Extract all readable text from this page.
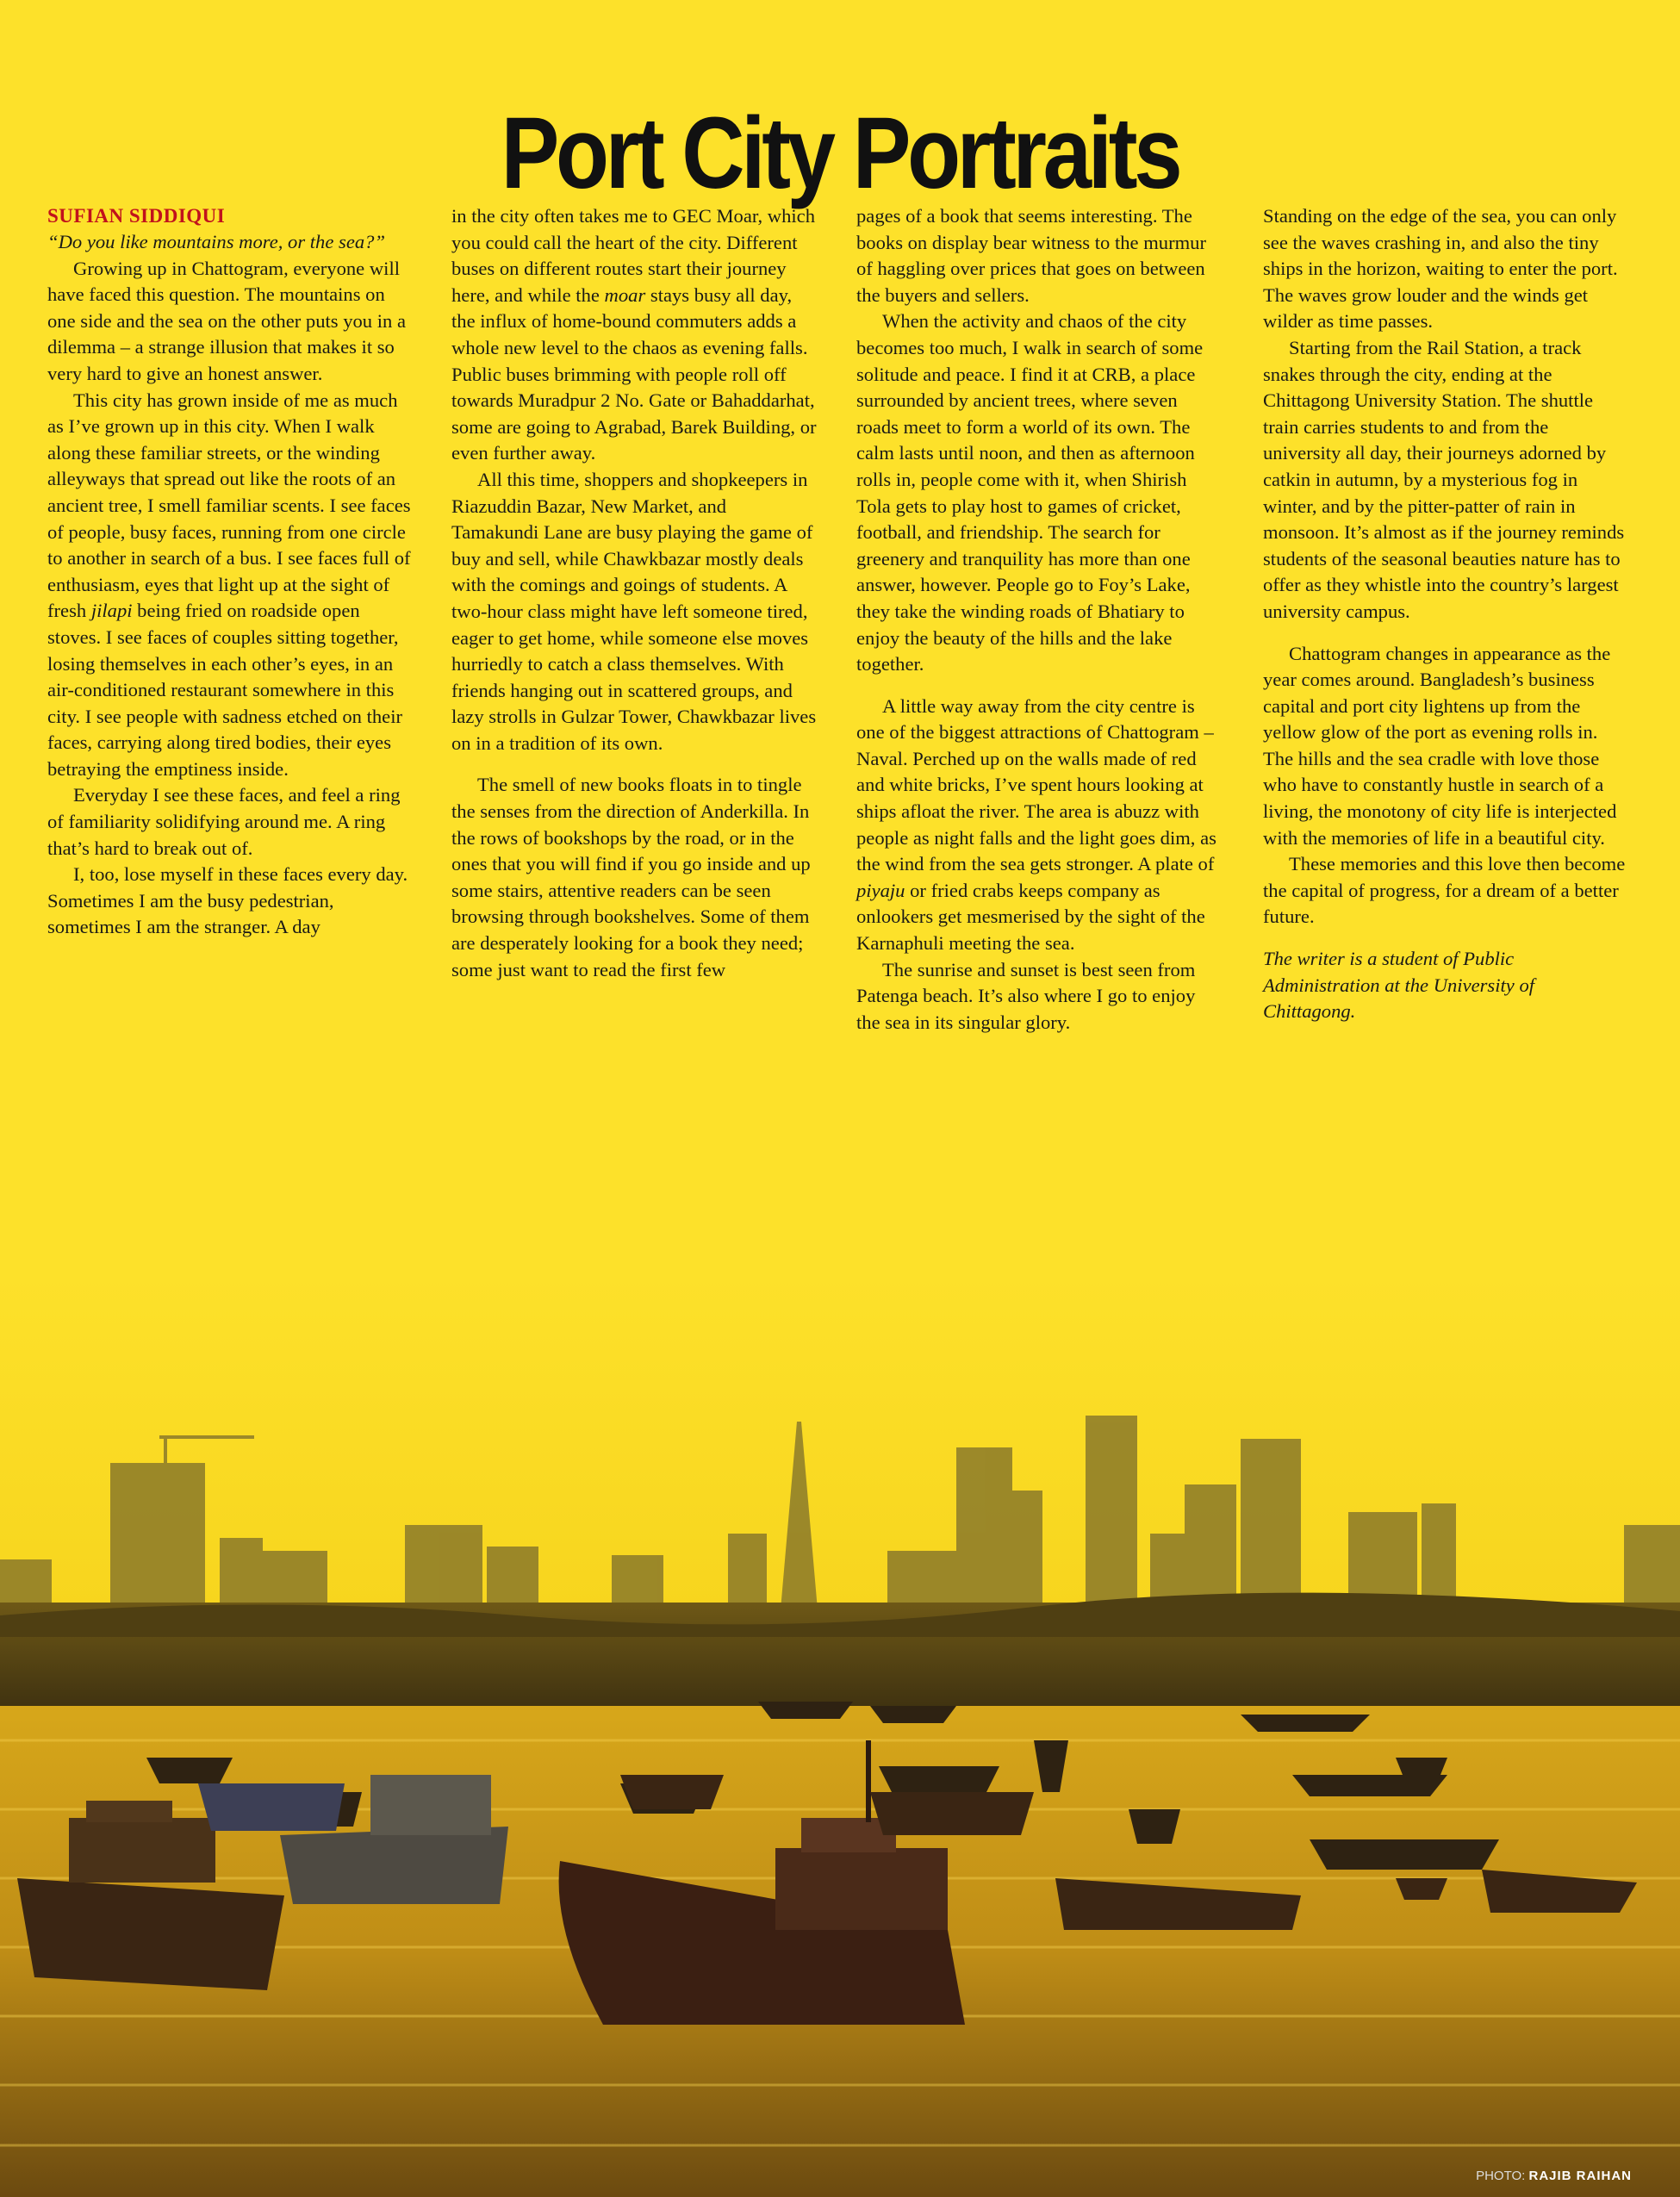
Port City Portraits

SUFIAN SIDDIQUI

“Do you like mountains more, or the sea?”

Growing up in Chattogram, everyone will have faced this question. The mountains on one side and the sea on the other puts you in a dilemma – a strange illusion that makes it so very hard to give an honest answer.

This city has grown inside of me as much as I’ve grown up in this city. When I walk along these familiar streets, or the winding alleyways that spread out like the roots of an ancient tree, I smell familiar scents. I see faces of people, busy faces, running from one circle to another in search of a bus. I see faces full of enthusiasm, eyes that light up at the sight of fresh jilapi being fried on roadside open stoves. I see faces of couples sitting together, losing themselves in each other’s eyes, in an air-conditioned restaurant somewhere in this city. I see people with sadness etched on their faces, carrying along tired bodies, their eyes betraying the emptiness inside.

Everyday I see these faces, and feel a ring of familiarity solidifying around me. A ring that’s hard to break out of.

I, too, lose myself in these faces every day. Sometimes I am the busy pedestrian, sometimes I am the stranger. A day

in the city often takes me to GEC Moar, which you could call the heart of the city. Different buses on different routes start their journey here, and while the moar stays busy all day, the influx of home-bound commuters adds a whole new level to the chaos as evening falls. Public buses brimming with people roll off towards Muradpur 2 No. Gate or Bahaddarhat, some are going to Agrabad, Barek Building, or even further away.

All this time, shoppers and shopkeepers in Riazuddin Bazar, New Market, and Tamakundi Lane are busy playing the game of buy and sell, while Chawkbazar mostly deals with the comings and goings of students. A two-hour class might have left someone tired, eager to get home, while someone else moves hurriedly to catch a class themselves. With friends hanging out in scattered groups, and lazy strolls in Gulzar Tower, Chawkbazar lives on in a tradition of its own.

The smell of new books floats in to tingle the senses from the direction of Anderkilla. In the rows of bookshops by the road, or in the ones that you will find if you go inside and up some stairs, attentive readers can be seen browsing through bookshelves. Some of them are desperately looking for a book they need; some just want to read the first few

pages of a book that seems interesting. The books on display bear witness to the murmur of haggling over prices that goes on between the buyers and sellers.

When the activity and chaos of the city becomes too much, I walk in search of some solitude and peace. I find it at CRB, a place surrounded by ancient trees, where seven roads meet to form a world of its own. The calm lasts until noon, and then as afternoon rolls in, people come with it, when Shirish Tola gets to play host to games of cricket, football, and friendship. The search for greenery and tranquility has more than one answer, however. People go to Foy’s Lake, they take the winding roads of Bhatiary to enjoy the beauty of the hills and the lake together.

A little way away from the city centre is one of the biggest attractions of Chattogram – Naval. Perched up on the walls made of red and white bricks, I’ve spent hours looking at ships afloat the river. The area is abuzz with people as night falls and the light goes dim, as the wind from the sea gets stronger. A plate of piyaju or fried crabs keeps company as onlookers get mesmerised by the sight of the Karnaphuli meeting the sea.

The sunrise and sunset is best seen from Patenga beach. It’s also where I go to enjoy the sea in its singular glory.

Standing on the edge of the sea, you can only see the waves crashing in, and also the tiny ships in the horizon, waiting to enter the port. The waves grow louder and the winds get wilder as time passes.

Starting from the Rail Station, a track snakes through the city, ending at the Chittagong University Station. The shuttle train carries students to and from the university all day, their journeys adorned by catkin in autumn, by a mysterious fog in winter, and by the pitter-patter of rain in monsoon. It’s almost as if the journey reminds students of the seasonal beauties nature has to offer as they whistle into the country’s largest university campus.

Chattogram changes in appearance as the year comes around. Bangladesh’s business capital and port city lightens up from the yellow glow of the port as evening rolls in. The hills and the sea cradle with love those who have to constantly hustle in search of a living, the monotony of city life is interjected with the memories of life in a beautiful city.

These memories and this love then become the capital of progress, for a dream of a better future.

The writer is a student of Public Administration at the University of Chittagong.

PHOTO: RAJIB RAIHAN
